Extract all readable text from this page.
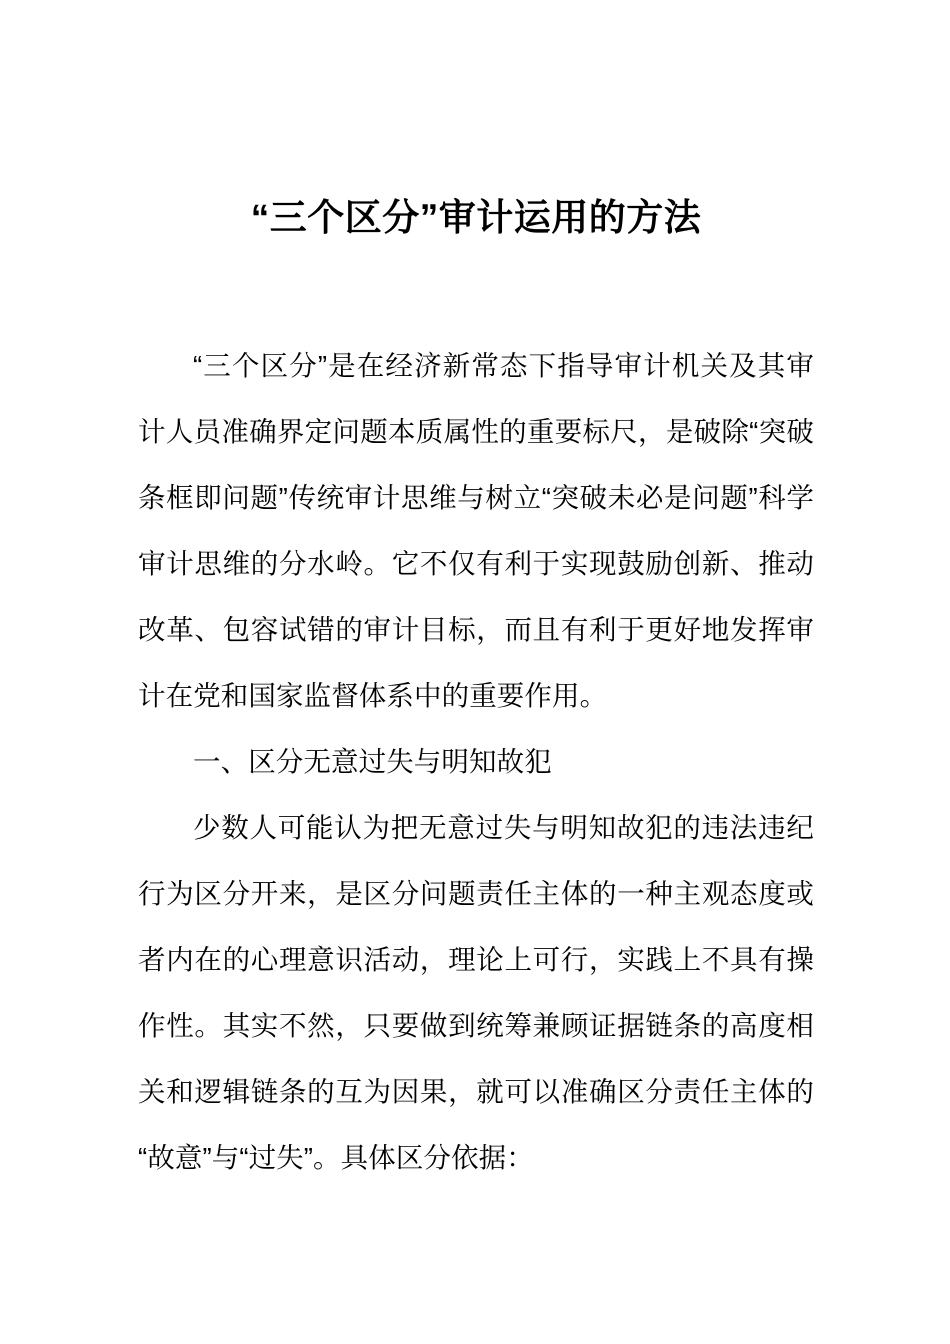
“三个区分”审计运用的方法

“三个区分”是在经济新常态下指导审计机关及其审计人员准确界定问题本质属性的重要标尺，是破除“突破条框即问题”传统审计思维与树立“突破未必是问题”科学审计思维的分水岭。它不仅有利于实现鼓励创新、推动改革、包容试错的审计目标，而且有利于更好地发挥审计在党和国家监督体系中的重要作用。

一、区分无意过失与明知故犯

少数人可能认为把无意过失与明知故犯的违法违纪行为区分开来，是区分问题责任主体的一种主观态度或者内在的心理意识活动，理论上可行，实践上不具有操作性。其实不然，只要做到统筹兼顾证据链条的高度相关和逻辑链条的互为因果，就可以准确区分责任主体的“故意”与“过失”。具体区分依据：
